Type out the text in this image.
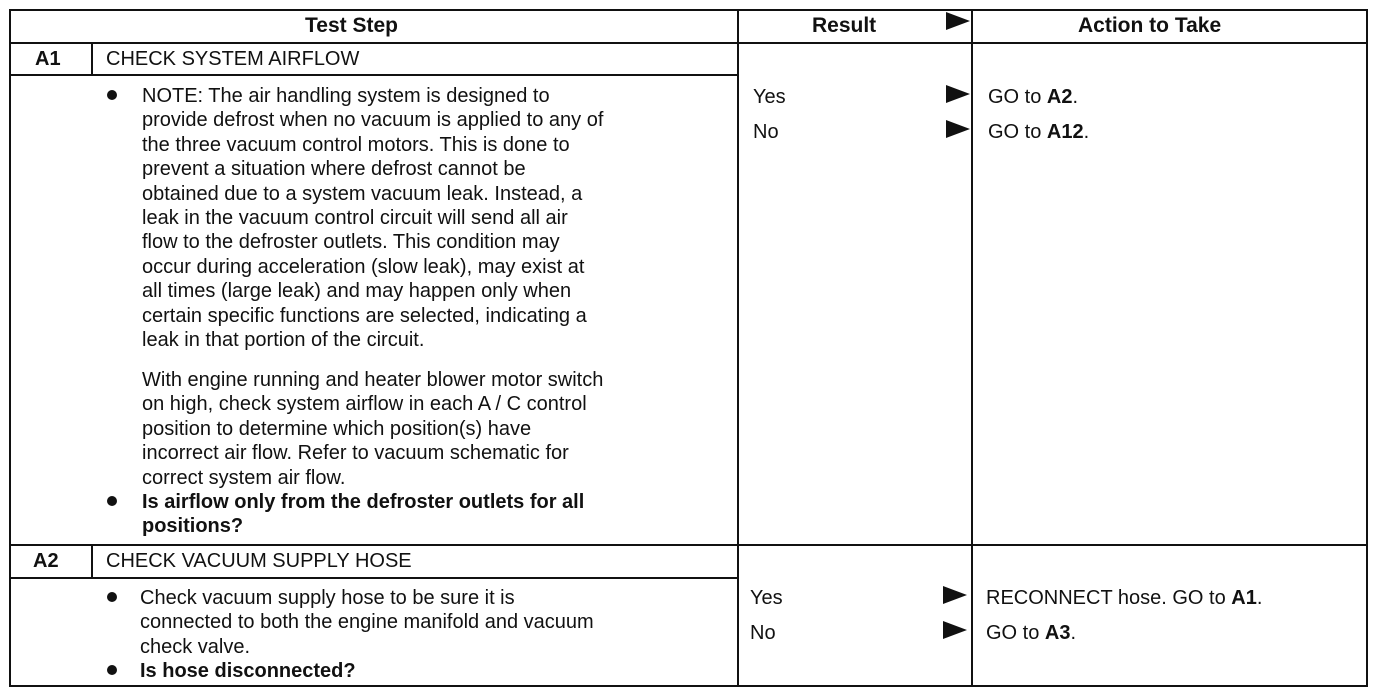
Test Step	Result	Action to Take
A1 CHECK SYSTEM AIRFLOW
NOTE: The air handling system is designed to
provide defrost when no vacuum is applied to any of
the three vacuum control motors. This is done to
prevent a situation where defrost cannot be
obtained due to a system vacuum leak. Instead, a
leak in the vacuum control circuit will send all air
flow to the defroster outlets. This condition may
occur during acceleration (slow leak), may exist at
all times (large leak) and may happen only when
certain specific functions are selected, indicating a
leak in that portion of the circuit.
With engine running and heater blower motor switch
on high, check system airflow in each A / C control
position to determine which position(s) have
incorrect air flow. Refer to vacuum schematic for
correct system air flow.
Is airflow only from the defroster outlets for all
positions?
Yes	GO to A2.
No	GO to A12.
A2 CHECK VACUUM SUPPLY HOSE
Check vacuum supply hose to be sure it is
connected to both the engine manifold and vacuum
check valve.
Is hose disconnected?
Yes	RECONNECT hose. GO to A1.
No	GO to A3.
